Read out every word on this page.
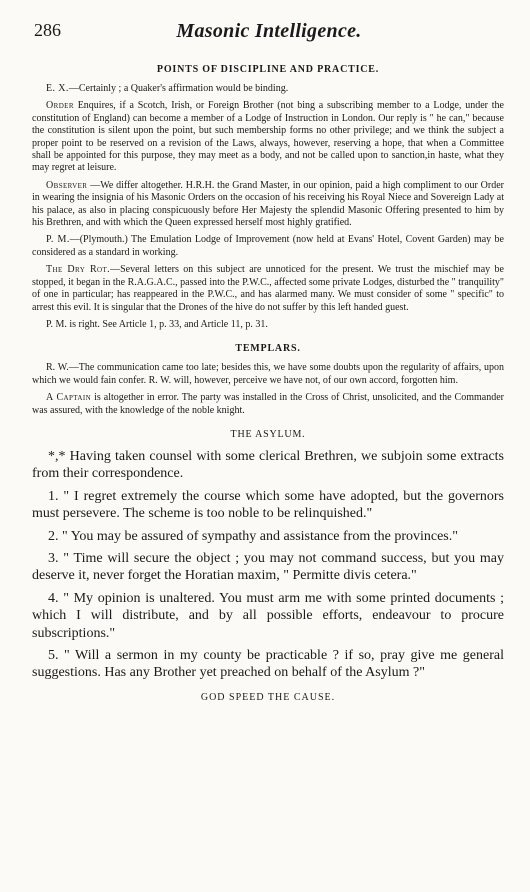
286	Masonic Intelligence.
POINTS OF DISCIPLINE AND PRACTICE.

E. X.—Certainly ; a Quaker's affirmation would be binding.

Order Enquires, if a Scotch, Irish, or Foreign Brother (not bing a subscribing member to a Lodge, under the constitution of England) can become a member of a Lodge of Instruction in London. Our reply is " he can," because the constitution is silent upon the point, but such membership forms no other privilege; and we think the subject a proper point to be reserved on a revision of the Laws, always, however, reserving a hope, that when a Committee shall be appointed for this purpose, they may meet as a body, and not be called upon to sanction,in haste, what they may regret at leisure.

Observer —We differ altogether. H.R.H. the Grand Master, in our opinion, paid a high compliment to our Order in wearing the insignia of his Masonic Orders on the occasion of his receiving his Royal Niece and Sovereign Lady at his palace, as also in placing conspicuously before Her Majesty the splendid Masonic Offering presented to him by his Brethren, and with which the Queen expressed herself most highly gratified.

P. M.—(Plymouth.) The Emulation Lodge of Improvement (now held at Evans' Hotel, Covent Garden) may be considered as a standard in working.

The Dry Rot.—Several letters on this subject are unnoticed for the present. We trust the mischief may be stopped, it began in the R.A.G.A.C., passed into the P.W.C., affected some private Lodges, disturbed the " tranquility" of one in particular; has reappeared in the P.W.C., and has alarmed many. We must consider of some " specific" to arrest this evil. It is singular that the Drones of the hive do not suffer by this left handed guest.

P. M. is right. See Article 1, p. 33, and Article 11, p. 31.

TEMPLARS.

R. W.—The communication came too late; besides this, we have some doubts upon the regularity of affairs, upon which we would fain confer. R. W. will, however, perceive we have not, of our own accord, forgotten him.

A Captain is altogether in error. The party was installed in the Cross of Christ, unsolicited, and the Commander was assured, with the knowledge of the noble knight.

THE ASYLUM.

*,* Having taken counsel with some clerical Brethren, we subjoin some extracts from their correspondence.

1. " I regret extremely the course which some have adopted, but the governors must persevere. The scheme is too noble to be relinquished."

2. " You may be assured of sympathy and assistance from the provinces."

3. " Time will secure the object ; you may not command success, but you may deserve it, never forget the Horatian maxim, " Permitte divis cetera."

4. " My opinion is unaltered. You must arm me with some printed documents ; which I will distribute, and by all possible efforts, endeavour to procure subscriptions."

5. " Will a sermon in my county be practicable ? if so, pray give me general suggestions. Has any Brother yet preached on behalf of the Asylum ?"

GOD SPEED THE CAUSE.
